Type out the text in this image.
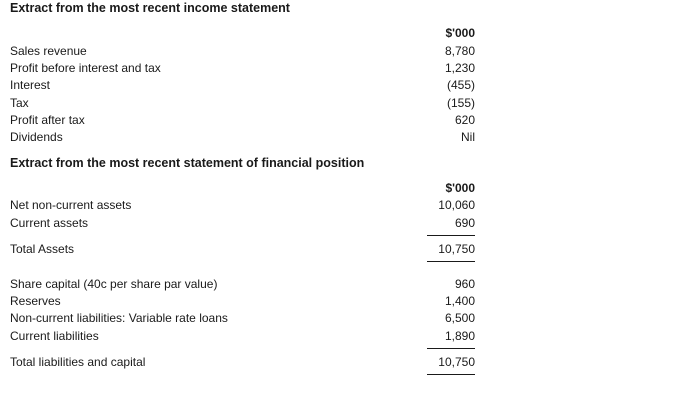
Extract from the most recent income statement
$'000
Sales revenue	8,780
Profit before interest and tax	1,230
Interest	(455)
Tax	(155)
Profit after tax	620
Dividends	Nil
Extract from the most recent statement of financial position
$'000
Net non-current assets	10,060
Current assets	690
Total Assets	10,750
Share capital (40c per share par value)	960
Reserves	1,400
Non-current liabilities: Variable rate loans	6,500
Current liabilities	1,890
Total liabilities and capital	10,750
